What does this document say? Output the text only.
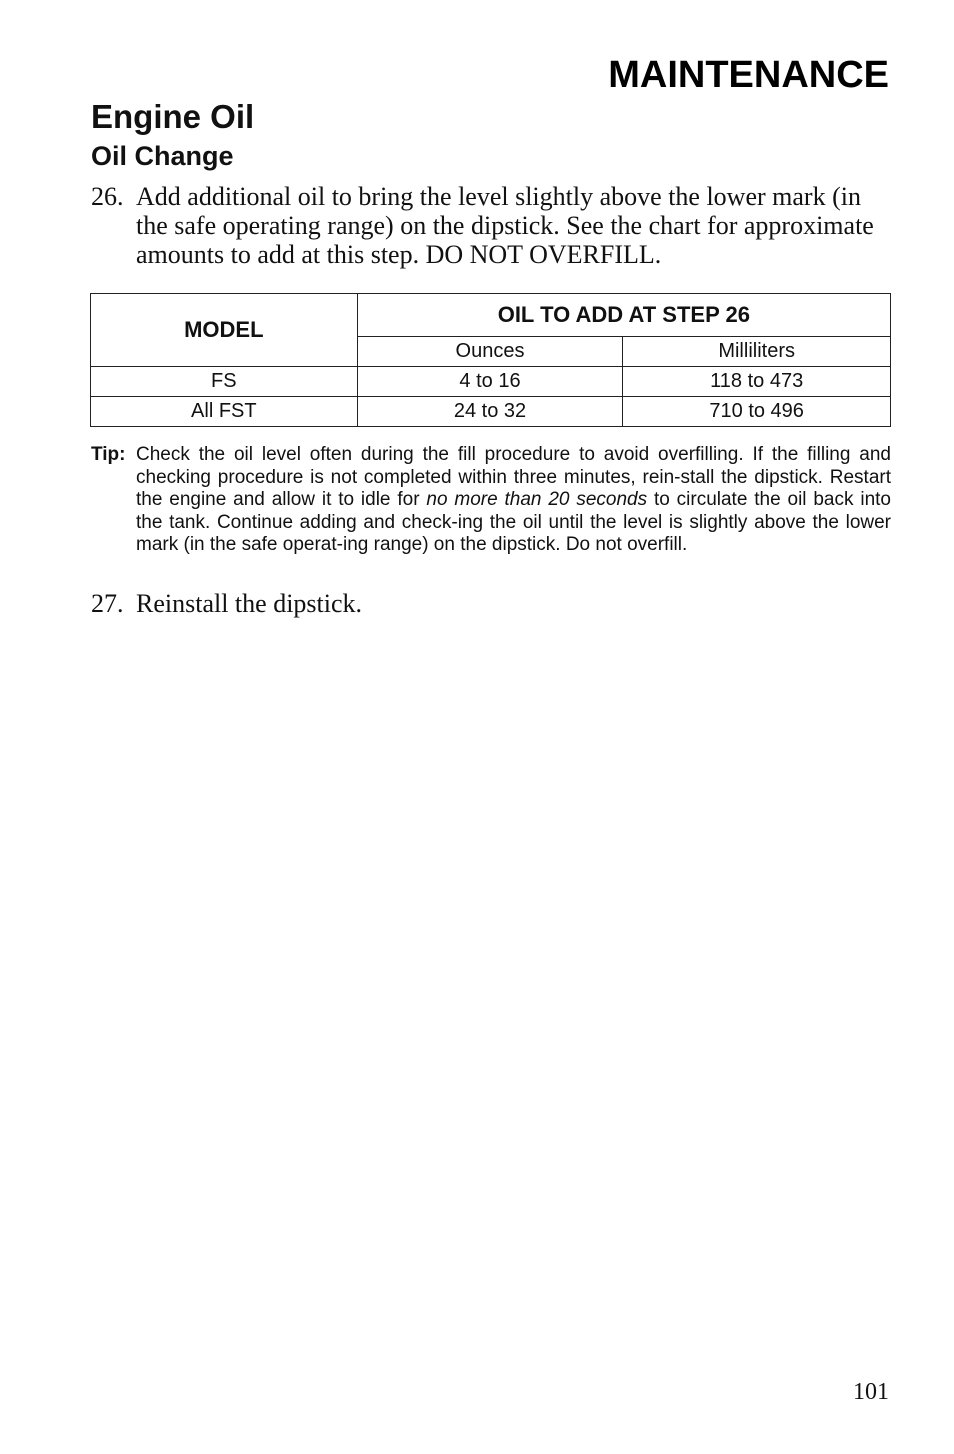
MAINTENANCE
Engine Oil
Oil Change
26. Add additional oil to bring the level slightly above the lower mark (in the safe operating range) on the dipstick. See the chart for approximate amounts to add at this step. DO NOT OVERFILL.
MODEL	OIL TO ADD AT STEP 26	
	Ounces	Milliliters
FS	4 to 16	118 to 473
All FST	24 to 32	710 to 496
Tip: Check the oil level often during the fill procedure to avoid overfilling. If the filling and checking procedure is not completed within three minutes, rein-stall the dipstick. Restart the engine and allow it to idle for no more than 20 seconds to circulate the oil back into the tank. Continue adding and check-ing the oil until the level is slightly above the lower mark (in the safe operat-ing range) on the dipstick. Do not overfill.
27. Reinstall the dipstick.
101
